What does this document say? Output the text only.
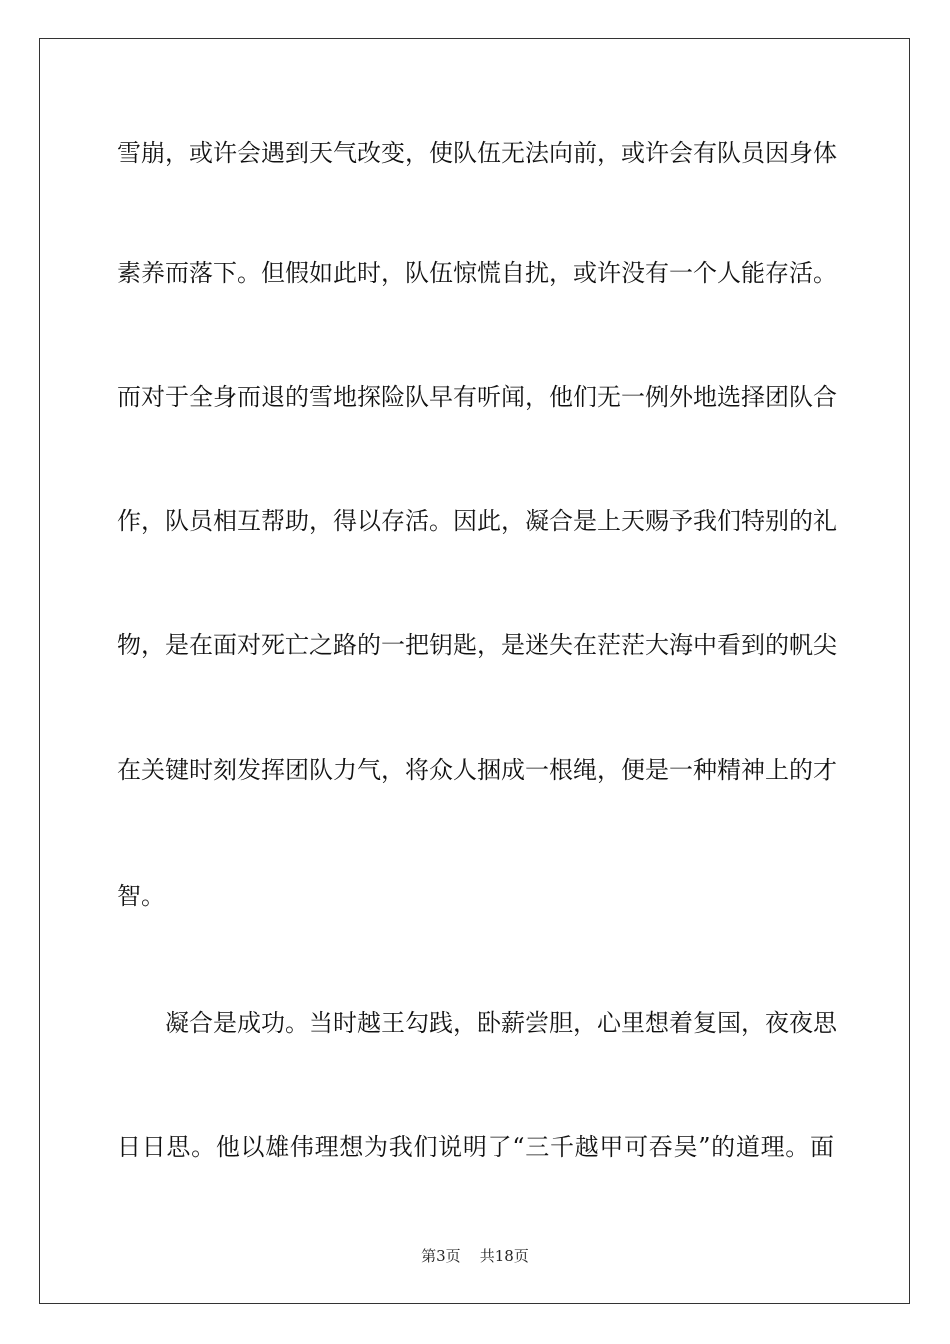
雪崩，或许会遇到天气改变，使队伍无法向前，或许会有队员因身体
素养而落下。但假如此时，队伍惊慌自扰，或许没有一个人能存活。
而对于全身而退的雪地探险队早有听闻，他们无一例外地选择团队合
作，队员相互帮助，得以存活。因此，凝合是上天赐予我们特别的礼
物，是在面对死亡之路的一把钥匙，是迷失在茫茫大海中看到的帆尖
在关键时刻发挥团队力气，将众人捆成一根绳，便是一种精神上的才
智。
凝合是成功。当时越王勾践，卧薪尝胆，心里想着复国，夜夜思
日日思。他以雄伟理想为我们说明了“三千越甲可吞吴”的道理。面
第3页 共18页
